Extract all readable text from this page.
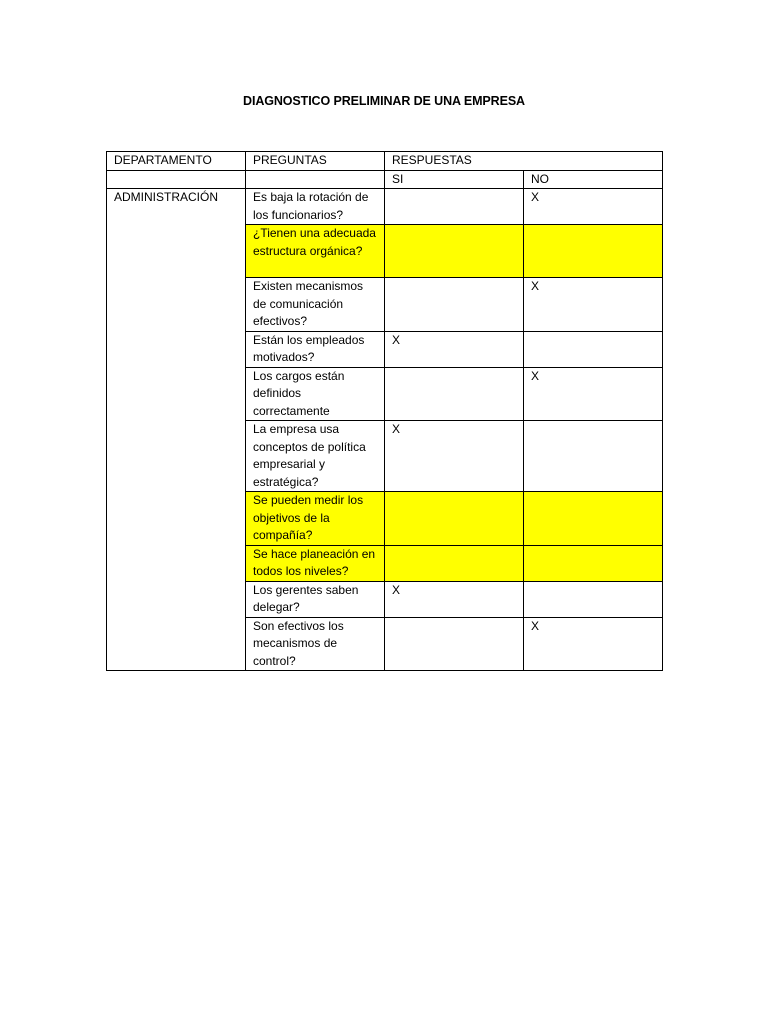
DIAGNOSTICO PRELIMINAR DE UNA EMPRESA
DEPARTAMENTO	PREGUNTAS	RESPUESTAS	
		SI	NO
ADMINISTRACIÓN	Es baja la rotación de los funcionarios?		X
	¿Tienen una adecuada estructura orgánica?		
	Existen mecanismos de comunicación efectivos?		X
	Están los empleados motivados?	X	
	Los cargos están definidos correctamente		X
	La empresa usa conceptos de política empresarial y estratégica?	X	
	Se pueden medir los objetivos de la compañía?		
	Se hace planeación en todos los niveles?		
	Los gerentes saben delegar?	X	
	Son efectivos los mecanismos de control?		X
